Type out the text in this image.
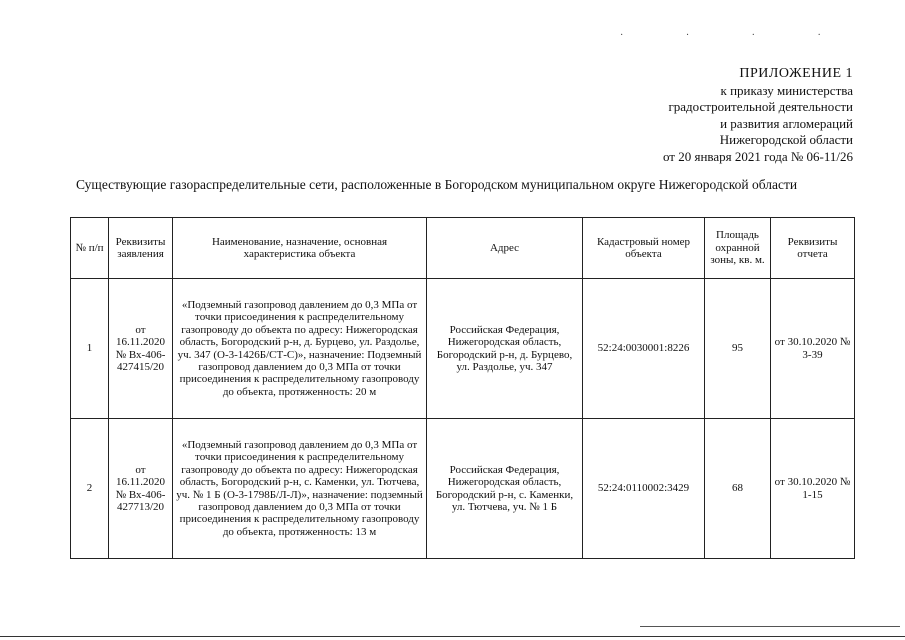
· · · ·
ПРИЛОЖЕНИЕ 1
к приказу министерства
градостроительной деятельности
и развития агломераций
Нижегородской области
от 20 января 2021 года № 06-11/26
Существующие газораспределительные сети, расположенные в Богородском муниципальном округе Нижегородской области
№ п/п	Реквизиты заявления	Наименование, назначение, основная характеристика объекта	Адрес	Кадастровый номер объекта	Площадь охранной зоны, кв. м.	Реквизиты отчета
1	от 16.11.2020 № Вх-406-427415/20	«Подземный газопровод давлением до 0,3 МПа от точки присоединения к распределительному газопроводу до объекта по адресу: Нижегородская область, Богородский р-н, д. Бурцево, ул. Раздолье, уч. 347 (О-3-1426Б/СТ-С)», назначение: Подземный газопровод давлением до 0,3 МПа от точки присоединения к распределительному газопроводу до объекта, протяженность: 20 м	Российская Федерация, Нижегородская область, Богородский р-н, д. Бурцево, ул. Раздолье, уч. 347	52:24:0030001:8226	95	от 30.10.2020 № 3-39
2	от 16.11.2020 № Вх-406-427713/20	«Подземный газопровод давлением до 0,3 МПа от точки присоединения к распределительному газопроводу до объекта по адресу: Нижегородская область, Богородский р-н, с. Каменки, ул. Тютчева, уч. № 1 Б (О-3-1798Б/Л-Л)», назначение: подземный газопровод давлением до 0,3 МПа от точки присоединения к распределительному газопроводу до объекта, протяженность: 13 м	Российская Федерация, Нижегородская область, Богородский р-н, с. Каменки, ул. Тютчева, уч. № 1 Б	52:24:0110002:3429	68	от 30.10.2020 № 1-15
